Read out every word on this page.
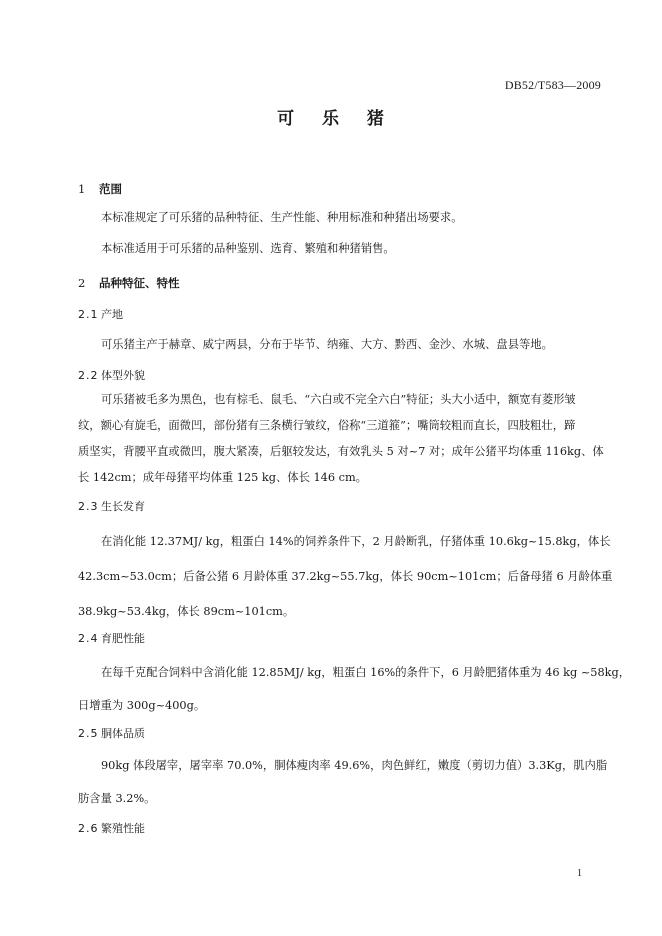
DB52/T583—2009
可 乐 猪
1 范围
本标准规定了可乐猪的品种特征、生产性能、种用标准和种猪出场要求。
本标准适用于可乐猪的品种鉴别、选育、繁殖和种猪销售。
2 品种特征、特性
2.1 产地
可乐猪主产于赫章、威宁两县，分布于毕节、纳雍、大方、黔西、金沙、水城、盘县等地。
2.2 体型外貌
可乐猪被毛多为黑色，也有棕毛、鼠毛、“六白或不完全六白”特征；头大小适中，额宽有菱形皱
纹，额心有旋毛，面微凹，部份猪有三条横行皱纹，俗称“三道箍”；嘴筒较粗而直长，四肢粗壮，蹄
质坚实，背腰平直或微凹，腹大紧凑，后躯较发达，有效乳头 5 对~7 对；成年公猪平均体重 116kg、体
长 142cm；成年母猪平均体重 125 kg、体长 146 cm。
2.3 生长发育
在消化能 12.37MJ/ kg，粗蛋白 14%的饲养条件下，2 月龄断乳，仔猪体重 10.6kg~15.8kg，体长
42.3cm~53.0cm；后备公猪 6 月龄体重 37.2kg~55.7kg，体长 90cm~101cm；后备母猪 6 月龄体重
38.9kg~53.4kg，体长 89cm~101cm。
2.4 育肥性能
在每千克配合饲料中含消化能 12.85MJ/ kg，粗蛋白 16%的条件下，6 月龄肥猪体重为 46 kg ~58kg，
日增重为 300g~400g。
2.5 胴体品质
90kg 体段屠宰，屠宰率 70.0%，胴体瘦肉率 49.6%，肉色鲜红，嫩度（剪切力值）3.3Kg，肌内脂
肪含量 3.2%。
2.6 繁殖性能
1
